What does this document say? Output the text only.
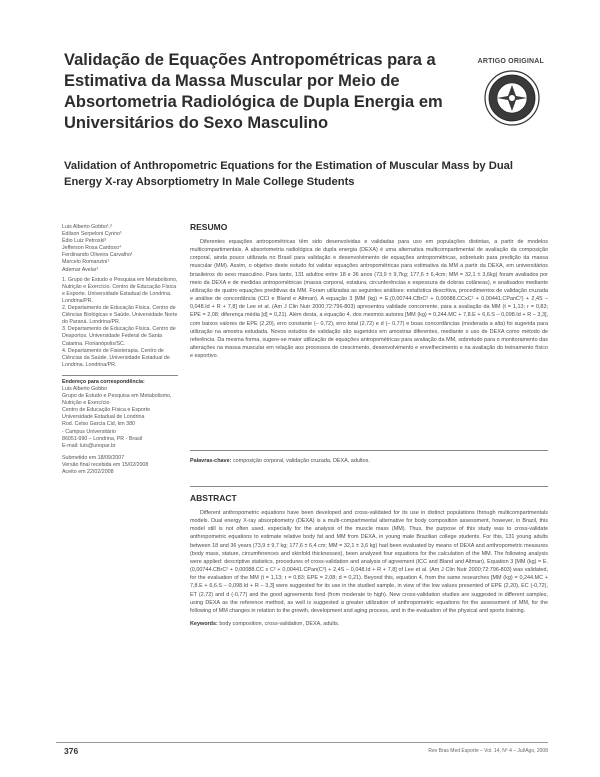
Validação de Equações Antropométricas para a Estimativa da Massa Muscular por Meio de Absortometria Radiológica de Dupla Energia em Universitários do Sexo Masculino
ARTIGO ORIGINAL
Validation of Anthropometric Equations for the Estimation of Muscular Mass by Dual Energy X-ray Absorptiometry In Male College Students
Luis Alberto Gobbo¹,²
Edilson Serpeloni Cyrino¹
Édio Luiz Petroski³
Jefferson Rosa Cardoso⁴
Ferdinando Oliveira Carvalho¹
Marcelo Romanzini¹
Ademar Avelar¹

1. Grupo de Estudo e Pesquisa em Metabolismo, Nutrição e Exercício. Centro de Educação Física e Esporte. Universidade Estadual de Londrina. Londrina/PR.

2. Departamento de Educação Física. Centro de Ciências Biológicas e Saúde. Universidade Norte do Paraná. Londrina/PR.

3. Departamento de Educação Física. Centro de Desportos. Universidade Federal de Santa Catarina. Florianópolis/SC.

4. Departamento de Fisioterapia. Centro de Ciências da Saúde. Universidade Estadual de Londrina. Londrina/PR.

Endereço para correspondência:
Luis Alberto Gobbo
Grupo de Estudo e Pesquisa em Metabolismo, Nutrição e Exercício
Centro de Educação Física e Esporte
Universidade Estadual de Londrina
Rod. Celso Garcia Cid, km 380
- Campus Universitário
86051-990 – Londrina, PR - Brasil
E-mail: luis@unopar.br
Submetido em 18/09/2007
Versão final recebida em 15/02/2008
Aceito em 22/02/2008
RESUMO

Diferentes equações antropométricas têm sido desenvolvidas e validadas para uso em populações distintas, a partir de modelos multicompartimentais. A absortometria radiológica de dupla energia (DEXA) é uma alternativa multicompartimental de avaliação da composição corporal, ainda pouco utilizada no Brasil para validação e desenvolvimento de equações antropométricas, sobretudo para predição da massa muscular (MM). Assim, o objetivo deste estudo foi validar equações antropométricas para estimativa da MM a partir da DEXA, em universitários brasileiros do sexo masculino. Para tanto, 131 adultos entre 18 e 36 anos (73,9 ± 9,7kg; 177,6 ± 6,4cm; MM = 32,1 ± 3,6kg) foram avaliados por meio da DEXA e de medidas antropométricas (massa corporal, estatura, circunferências e espessura de dobras cutâneas), e analisados mediante utilização de quatro equações preditivas da MM. Foram utilizadas as seguintes análises: estatística descritiva, procedimentos de validação cruzada e análise de concordância (CCI e Bland e Altman). A equação 3 [MM (kg) = E.(0,00744.CBrC² + 0,00088.CCxC² + 0,00441.CPanC²) + 2,4S – 0,048.Id + R + 7,8] de Lee et al. (Am J Clin Nutr 2000;72:796-803) apresentou validade concorrente, para a avaliação da MM (t = 1,13; r = 0,83; EPE = 2,08; diferença média [d] = 0,21). Além desta, a equação 4, dos mesmos autores [MM (kg) = 0,244.MC + 7,8.E + 6,6.S – 0,098.Id + R – 3,3], com baixos valores de EPE (2,20), erro constante (– 0,72), erro total (2,72) e d (– 0,77) e boas concordâncias (moderada a alta) foi sugerida para utilização na amostra estudada. Novos estudos de validação são sugeridos em amostras diferentes, mediante o uso de DEXA como método de referência. Da mesma forma, sugere-se maior utilização de equações antropométricas para avaliação da MM, sobretudo para o monitoramento das alterações na massa muscular em relação aos processos de crescimento, desenvolvimento e envelhecimento e na avaliação do treinamento físico e esportivo.

Palavras-chave: composição corporal, validação cruzada, DEXA, adultos.
ABSTRACT

Different anthropometric equations have been developed and cross-validated for its use in distinct populations through multicompartmentals models. Dual energy X-ray absorptiometry (DEXA) is a multi-compartmental alternative for body composition assessment, however, in Brazil, this model still is not often used, especially for the analysis of the muscle mass (MM). Thus, the purpose of this study was to cross-validate anthropometric equations to estimate relative body fat and MM from DEXA, in young male Brazilian college students. For this, 131 young adults between 18 and 36 years (73,9 ± 9,7 kg; 177,6 ± 6,4 cm; MM = 32,1 ± 3,6 kg) had been evaluated by means of DEXA and anthropometric measures (body mass, stature, circumferences and skinfold thicknesses), been analyzed four equations for the calculation of the MM. The following analysis were applied: descriptive statistics, procedures of cross-validation and analysis of agreement (ICC and Bland and Altman). Equation 3 [MM (kg) = E.(0,00744.CBrC² + 0,00088.CC x C² + 0,00441.CPan(C²) + 2,4S – 0,048.Id + R + 7,8] of Lee et al. (Am J Clin Nutr 2000;72:796-803) was validated, for the evaluation of the MM (t = 1,13; r = 0,83; EPE = 2,08; d = 0,21). Beyond this, equation 4, from the same researches [MM (kg) = 0,244.MC + 7,8.E + 6,6.S – 0,098.Id + R – 3,3] were suggested for its use in the studied sample, in view of the low values presented of EPE (2,20), EC (-0,72), ET (2,72) and d (-0,77) and the good agreements fond (from moderate to high). New cross-validation studies are suggested in different samples, using DEXA as the reference method, as well is suggested a greater utilization of anthropometric equations for the assessment of MM, for the following of MM changes in relation to the growth, development and aging process, and in the evaluation of the physical and sports training.

Keywords: body composition, cross-validation, DEXA, adults.
376	Rev Bras Med Esporte – Vol. 14, Nº 4 – Jul/Ago, 2008
